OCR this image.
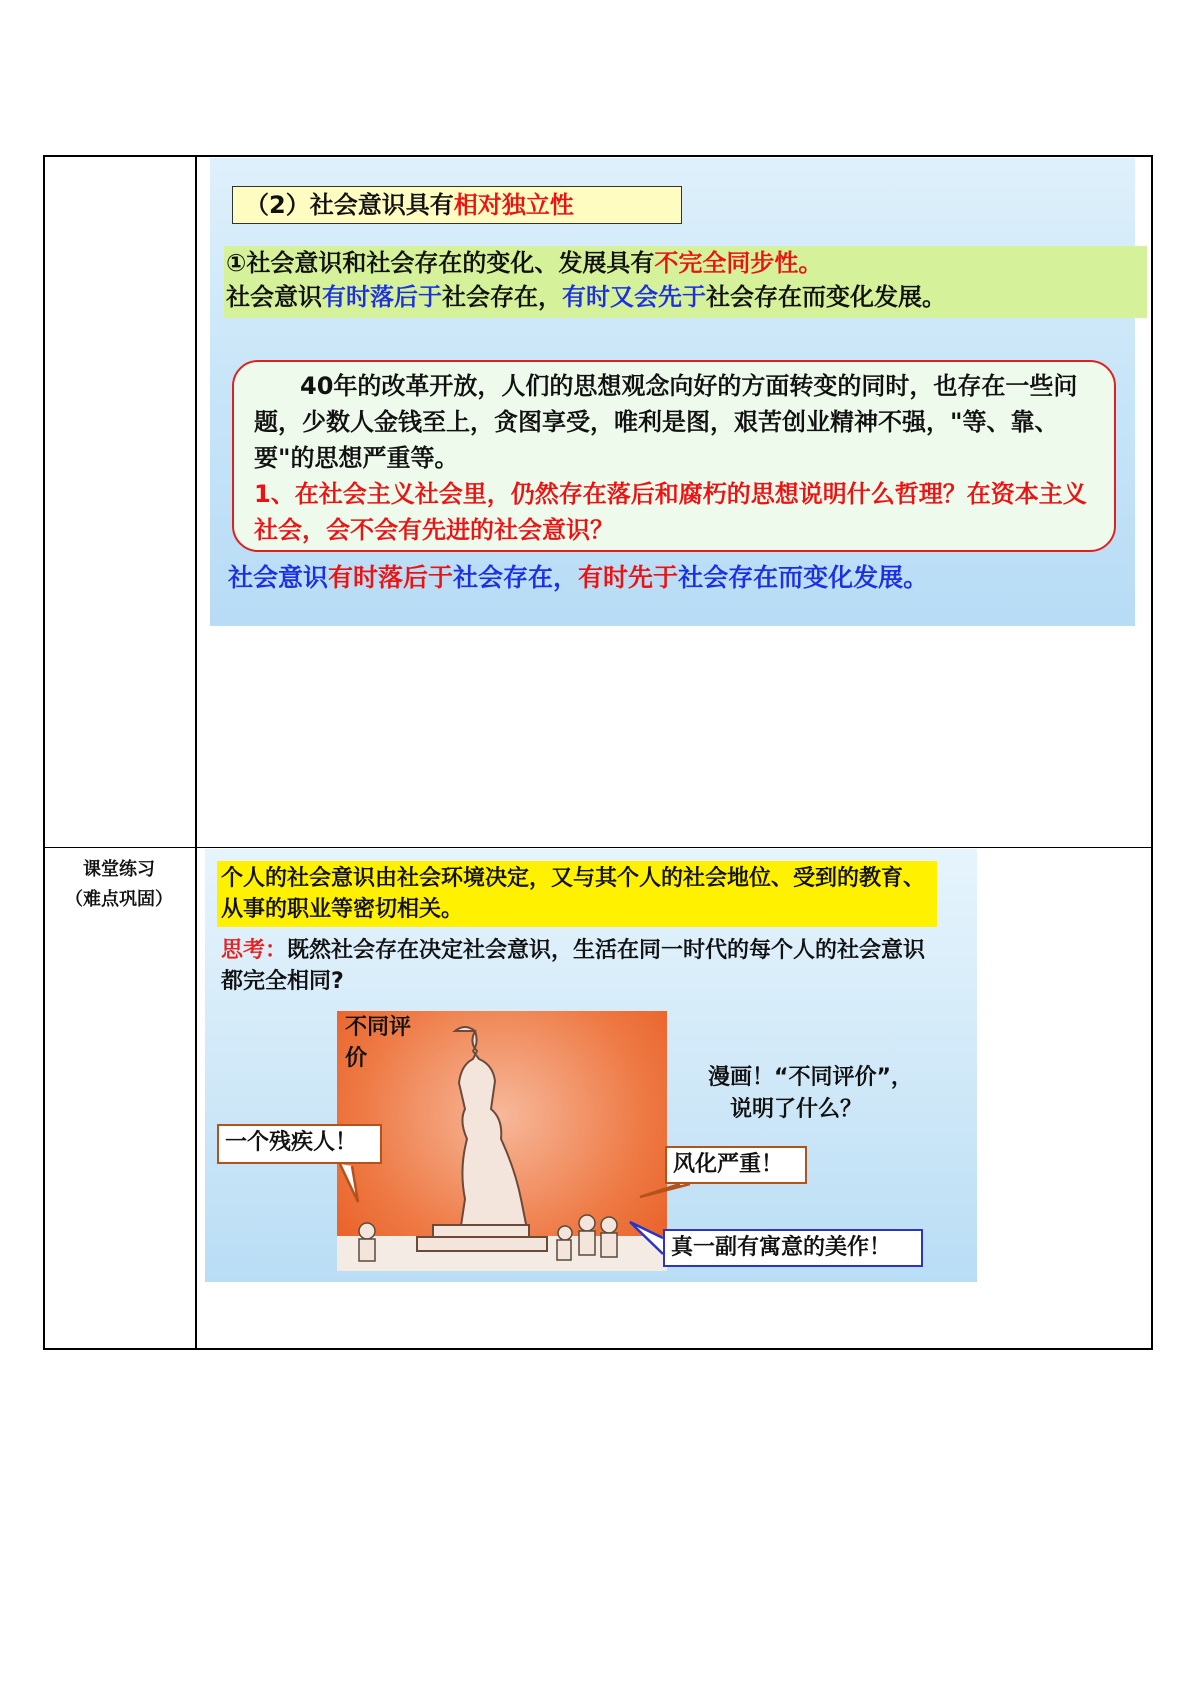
（2）社会意识具有相对独立性
①社会意识和社会存在的变化、发展具有不完全同步性。
社会意识有时落后于社会存在，有时又会先于社会存在而变化发展。

40年的改革开放，人们的思想观念向好的方面转变的同时，也存在一些问题，少数人金钱至上，贪图享受，唯利是图，艰苦创业精神不强，"等、靠、要"的思想严重等。

1、在社会主义社会里，仍然存在落后和腐朽的思想说明什么哲理？在资本主义社会，会不会有先进的社会意识？

社会意识有时落后于社会存在，有时先于社会存在而变化发展。
课堂练习
（难点巩固）
个人的社会意识由社会环境决定，又与其个人的社会地位、受到的教育、从事的职业等密切相关。
思考：既然社会存在决定社会意识，生活在同一时代的每个人的社会意识都完全相同?
不同评价
漫画！“不同评价”，
说明了什么？
一个残疾人！
风化严重！
真一副有寓意的美作！
